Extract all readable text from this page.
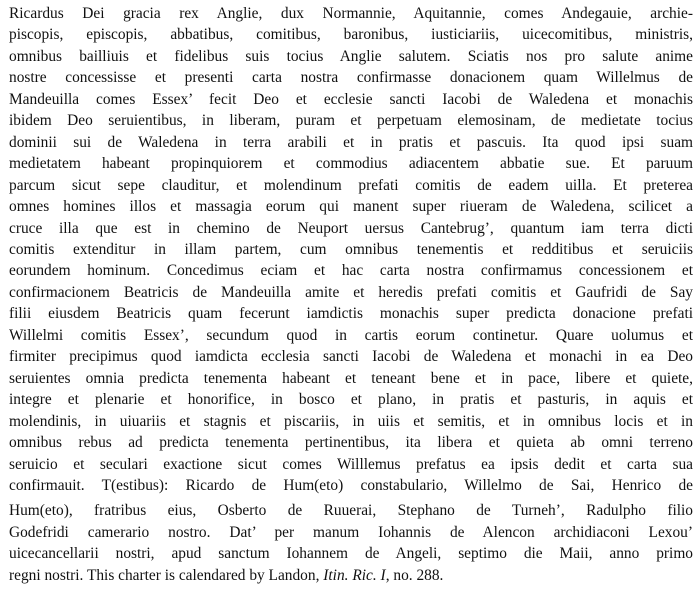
Ricardus Dei gracia rex Anglie, dux Normannie, Aquitannie, comes Andegauie, archie-
piscopis, episcopis, abbatibus, comitibus, baronibus, iusticiariis, uicecomitibus, ministris,
omnibus bailliuis et fidelibus suis tocius Anglie salutem. Sciatis nos pro salute anime
nostre concessisse et presenti carta nostra confirmasse donacionem quam Willelmus de
Mandeuilla comes Essex’ fecit Deo et ecclesie sancti Iacobi de Waledena et monachis
ibidem Deo seruientibus, in liberam, puram et perpetuam elemosinam, de medietate tocius
dominii sui de Waledena in terra arabili et in pratis et pascuis. Ita quod ipsi suam
medietatem habeant propinquiorem et commodius adiacentem abbatie sue. Et paruum
parcum sicut sepe clauditur, et molendinum prefati comitis de eadem uilla. Et preterea
omnes homines illos et massagia eorum qui manent super riueram de Waledena, scilicet a
cruce illa que est in chemino de Neuport uersus Cantebrug’, quantum iam terra dicti
comitis extenditur in illam partem, cum omnibus tenementis et redditibus et seruiciis
eorundem hominum. Concedimus eciam et hac carta nostra confirmamus concessionem et
confirmacionem Beatricis de Mandeuilla amite et heredis prefati comitis et Gaufridi de Say
filii eiusdem Beatricis quam fecerunt iamdictis monachis super predicta donacione prefati
Willelmi comitis Essex’, secundum quod in cartis eorum continetur. Quare uolumus et
firmiter precipimus quod iamdicta ecclesia sancti Iacobi de Waledena et monachi in ea Deo
seruientes omnia predicta tenementa habeant et teneant bene et in pace, libere et quiete,
integre et plenarie et honorifice, in bosco et plano, in pratis et pasturis, in aquis et
molendinis, in uiuariis et stagnis et piscariis, in uiis et semitis, et in omnibus locis et in
omnibus rebus ad predicta tenementa pertinentibus, ita libera et quieta ab omni terreno
seruicio et seculari exactione sicut comes Willlemus prefatus ea ipsis dedit et carta sua
confirmauit. T(estibus): Ricardo de Hum(eto) constabulario, Willelmo de Sai, Henrico de
Hum(eto), fratribus eius, Osberto de Ruuerai, Stephano de Turneh’, Radulpho filio
Godefridi camerario nostro. Dat’ per manum Iohannis de Alencon archidiaconi Lexou’
uicecancellarii nostri, apud sanctum Iohannem de Angeli, septimo die Maii, anno primo
regni nostri. This charter is calendared by Landon, Itin. Ric. I, no. 288.
